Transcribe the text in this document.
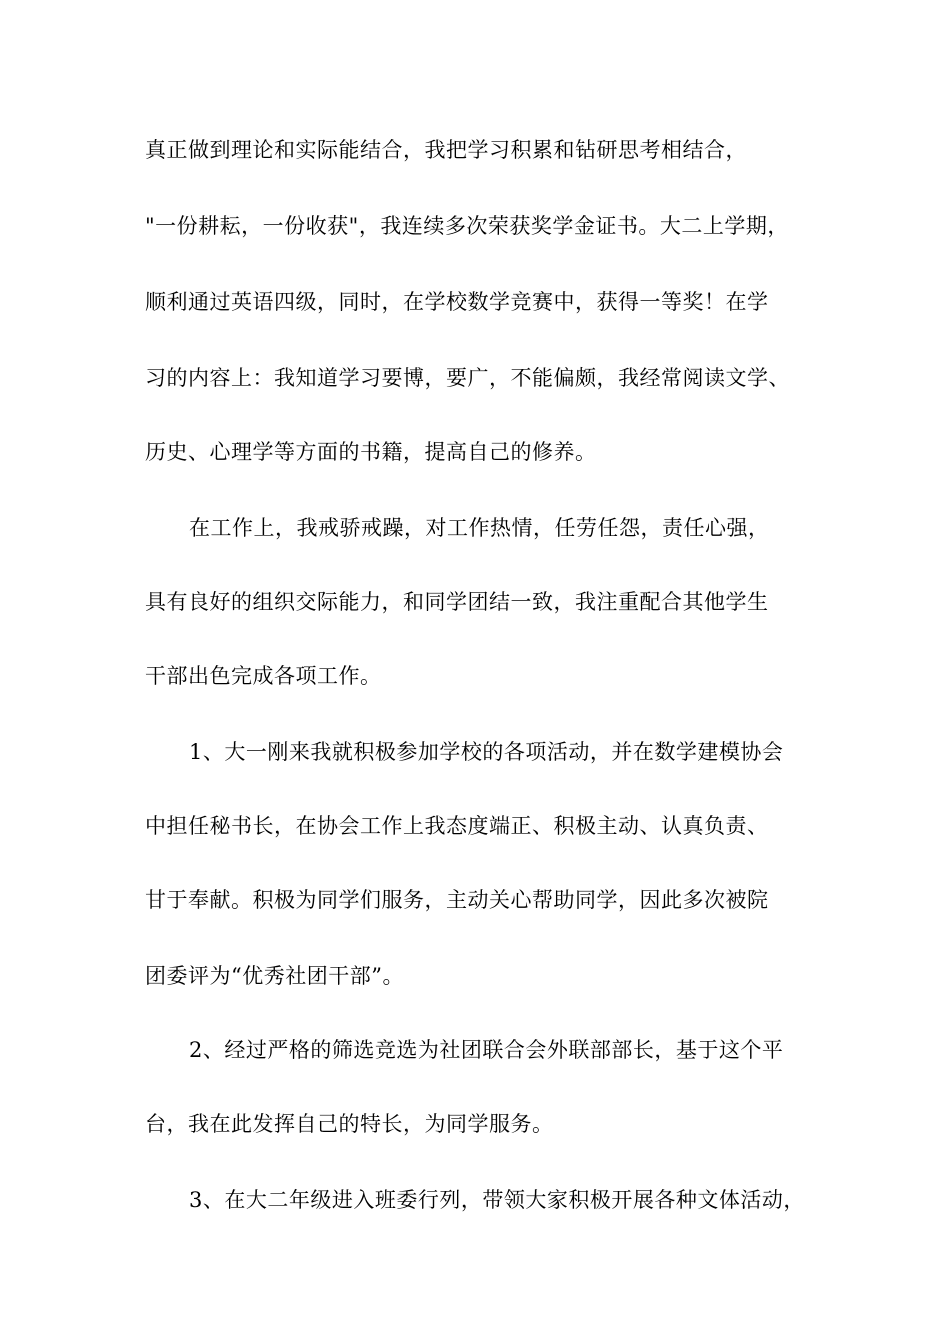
真正做到理论和实际能结合，我把学习积累和钻研思考相结合，
"一份耕耘，一份收获"，我连续多次荣获奖学金证书。大二上学期，
顺利通过英语四级，同时，在学校数学竞赛中，获得一等奖！在学
习的内容上：我知道学习要博，要广，不能偏颇，我经常阅读文学、
历史、心理学等方面的书籍，提高自己的修养。
在工作上，我戒骄戒躁，对工作热情，任劳任怨，责任心强，
具有良好的组织交际能力，和同学团结一致，我注重配合其他学生
干部出色完成各项工作。
1、大一刚来我就积极参加学校的各项活动，并在数学建模协会
中担任秘书长，在协会工作上我态度端正、积极主动、认真负责、
甘于奉献。积极为同学们服务，主动关心帮助同学，因此多次被院
团委评为“优秀社团干部”。
2、经过严格的筛选竞选为社团联合会外联部部长，基于这个平
台，我在此发挥自己的特长，为同学服务。
3、在大二年级进入班委行列，带领大家积极开展各种文体活动，
